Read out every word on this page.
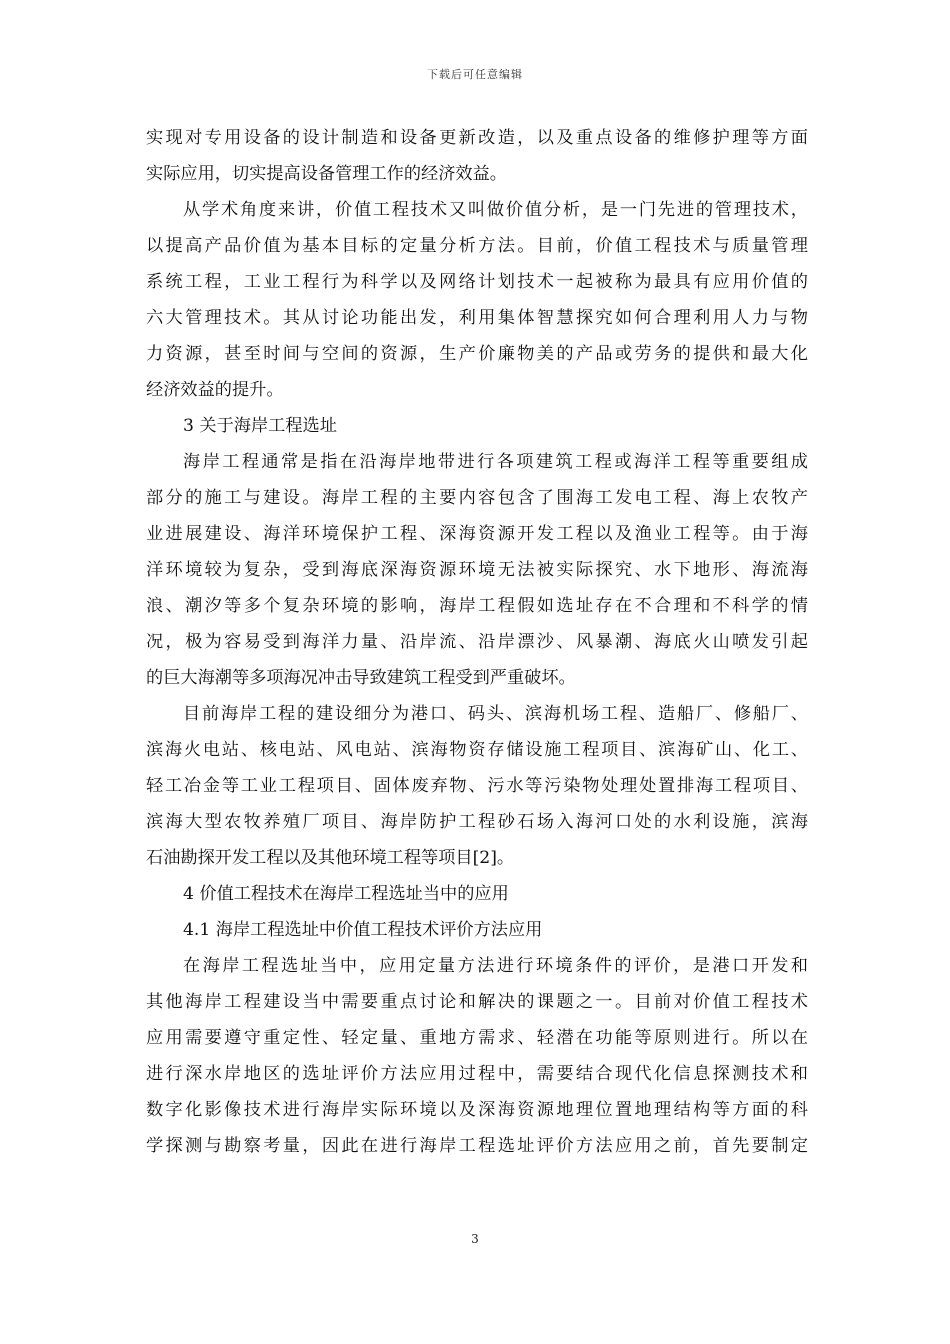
下载后可任意编辑
实现对专用设备的设计制造和设备更新改造，以及重点设备的维修护理等方面
实际应用，切实提高设备管理工作的经济效益。
从学术角度来讲，价值工程技术又叫做价值分析，是一门先进的管理技术，
以提高产品价值为基本目标的定量分析方法。目前，价值工程技术与质量管理
系统工程，工业工程行为科学以及网络计划技术一起被称为最具有应用价值的
六大管理技术。其从讨论功能出发，利用集体智慧探究如何合理利用人力与物
力资源，甚至时间与空间的资源，生产价廉物美的产品或劳务的提供和最大化
经济效益的提升。
3 关于海岸工程选址
海岸工程通常是指在沿海岸地带进行各项建筑工程或海洋工程等重要组成
部分的施工与建设。海岸工程的主要内容包含了围海工发电工程、海上农牧产
业进展建设、海洋环境保护工程、深海资源开发工程以及渔业工程等。由于海
洋环境较为复杂，受到海底深海资源环境无法被实际探究、水下地形、海流海
浪、潮汐等多个复杂环境的影响，海岸工程假如选址存在不合理和不科学的情
况，极为容易受到海洋力量、沿岸流、沿岸漂沙、风暴潮、海底火山喷发引起
的巨大海潮等多项海况冲击导致建筑工程受到严重破坏。
目前海岸工程的建设细分为港口、码头、滨海机场工程、造船厂、修船厂、
滨海火电站、核电站、风电站、滨海物资存储设施工程项目、滨海矿山、化工、
轻工冶金等工业工程项目、固体废弃物、污水等污染物处理处置排海工程项目、
滨海大型农牧养殖厂项目、海岸防护工程砂石场入海河口处的水利设施，滨海
石油勘探开发工程以及其他环境工程等项目[2]。
4 价值工程技术在海岸工程选址当中的应用
4.1 海岸工程选址中价值工程技术评价方法应用
在海岸工程选址当中，应用定量方法进行环境条件的评价，是港口开发和
其他海岸工程建设当中需要重点讨论和解决的课题之一。目前对价值工程技术
应用需要遵守重定性、轻定量、重地方需求、轻潜在功能等原则进行。所以在
进行深水岸地区的选址评价方法应用过程中，需要结合现代化信息探测技术和
数字化影像技术进行海岸实际环境以及深海资源地理位置地理结构等方面的科
学探测与勘察考量，因此在进行海岸工程选址评价方法应用之前，首先要制定
3
